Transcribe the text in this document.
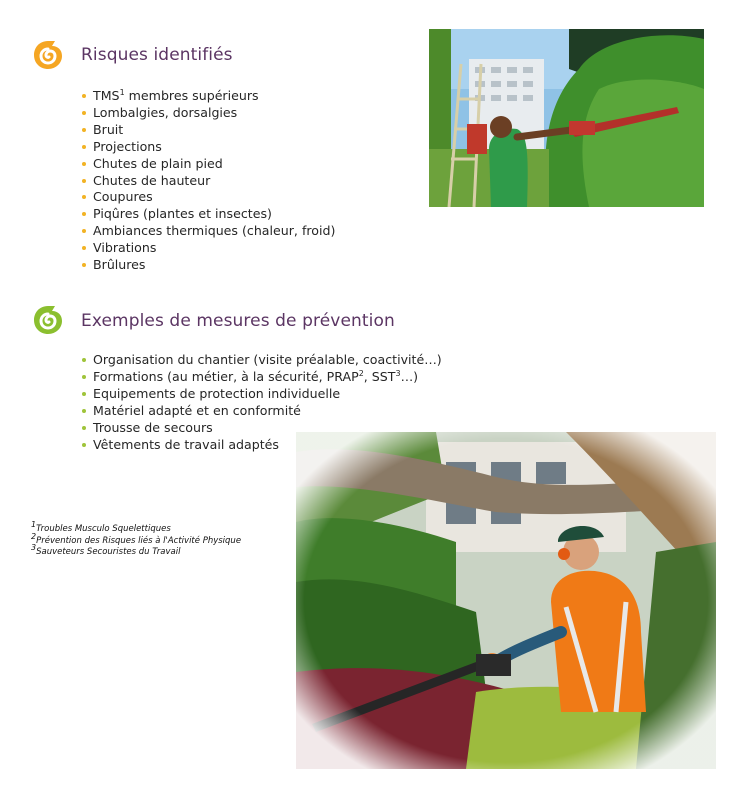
Risques identifiés
TMS$^1$ membres supérieurs
Lombalgies, dorsalgies
Bruit
Projections
Chutes de plain pied
Chutes de hauteur
Coupures
Piqûres (plantes et insectes)
Ambiances thermiques (chaleur, froid)
Vibrations
Brûlures
Exemples de mesures de prévention
Organisation du chantier (visite préalable, coactivité…)
Formations (au métier, à la sécurité, PRAP$^2$, SST$^3$…)
Equipements de protection individuelle
Matériel adapté et en conformité
Trousse de secours
Vêtements de travail adaptés
$^1$Troubles Musculo Squelettiques
$^2$Prévention des Risques liés à l'Activité Physique
$^3$Sauveteurs Secouristes du Travail
